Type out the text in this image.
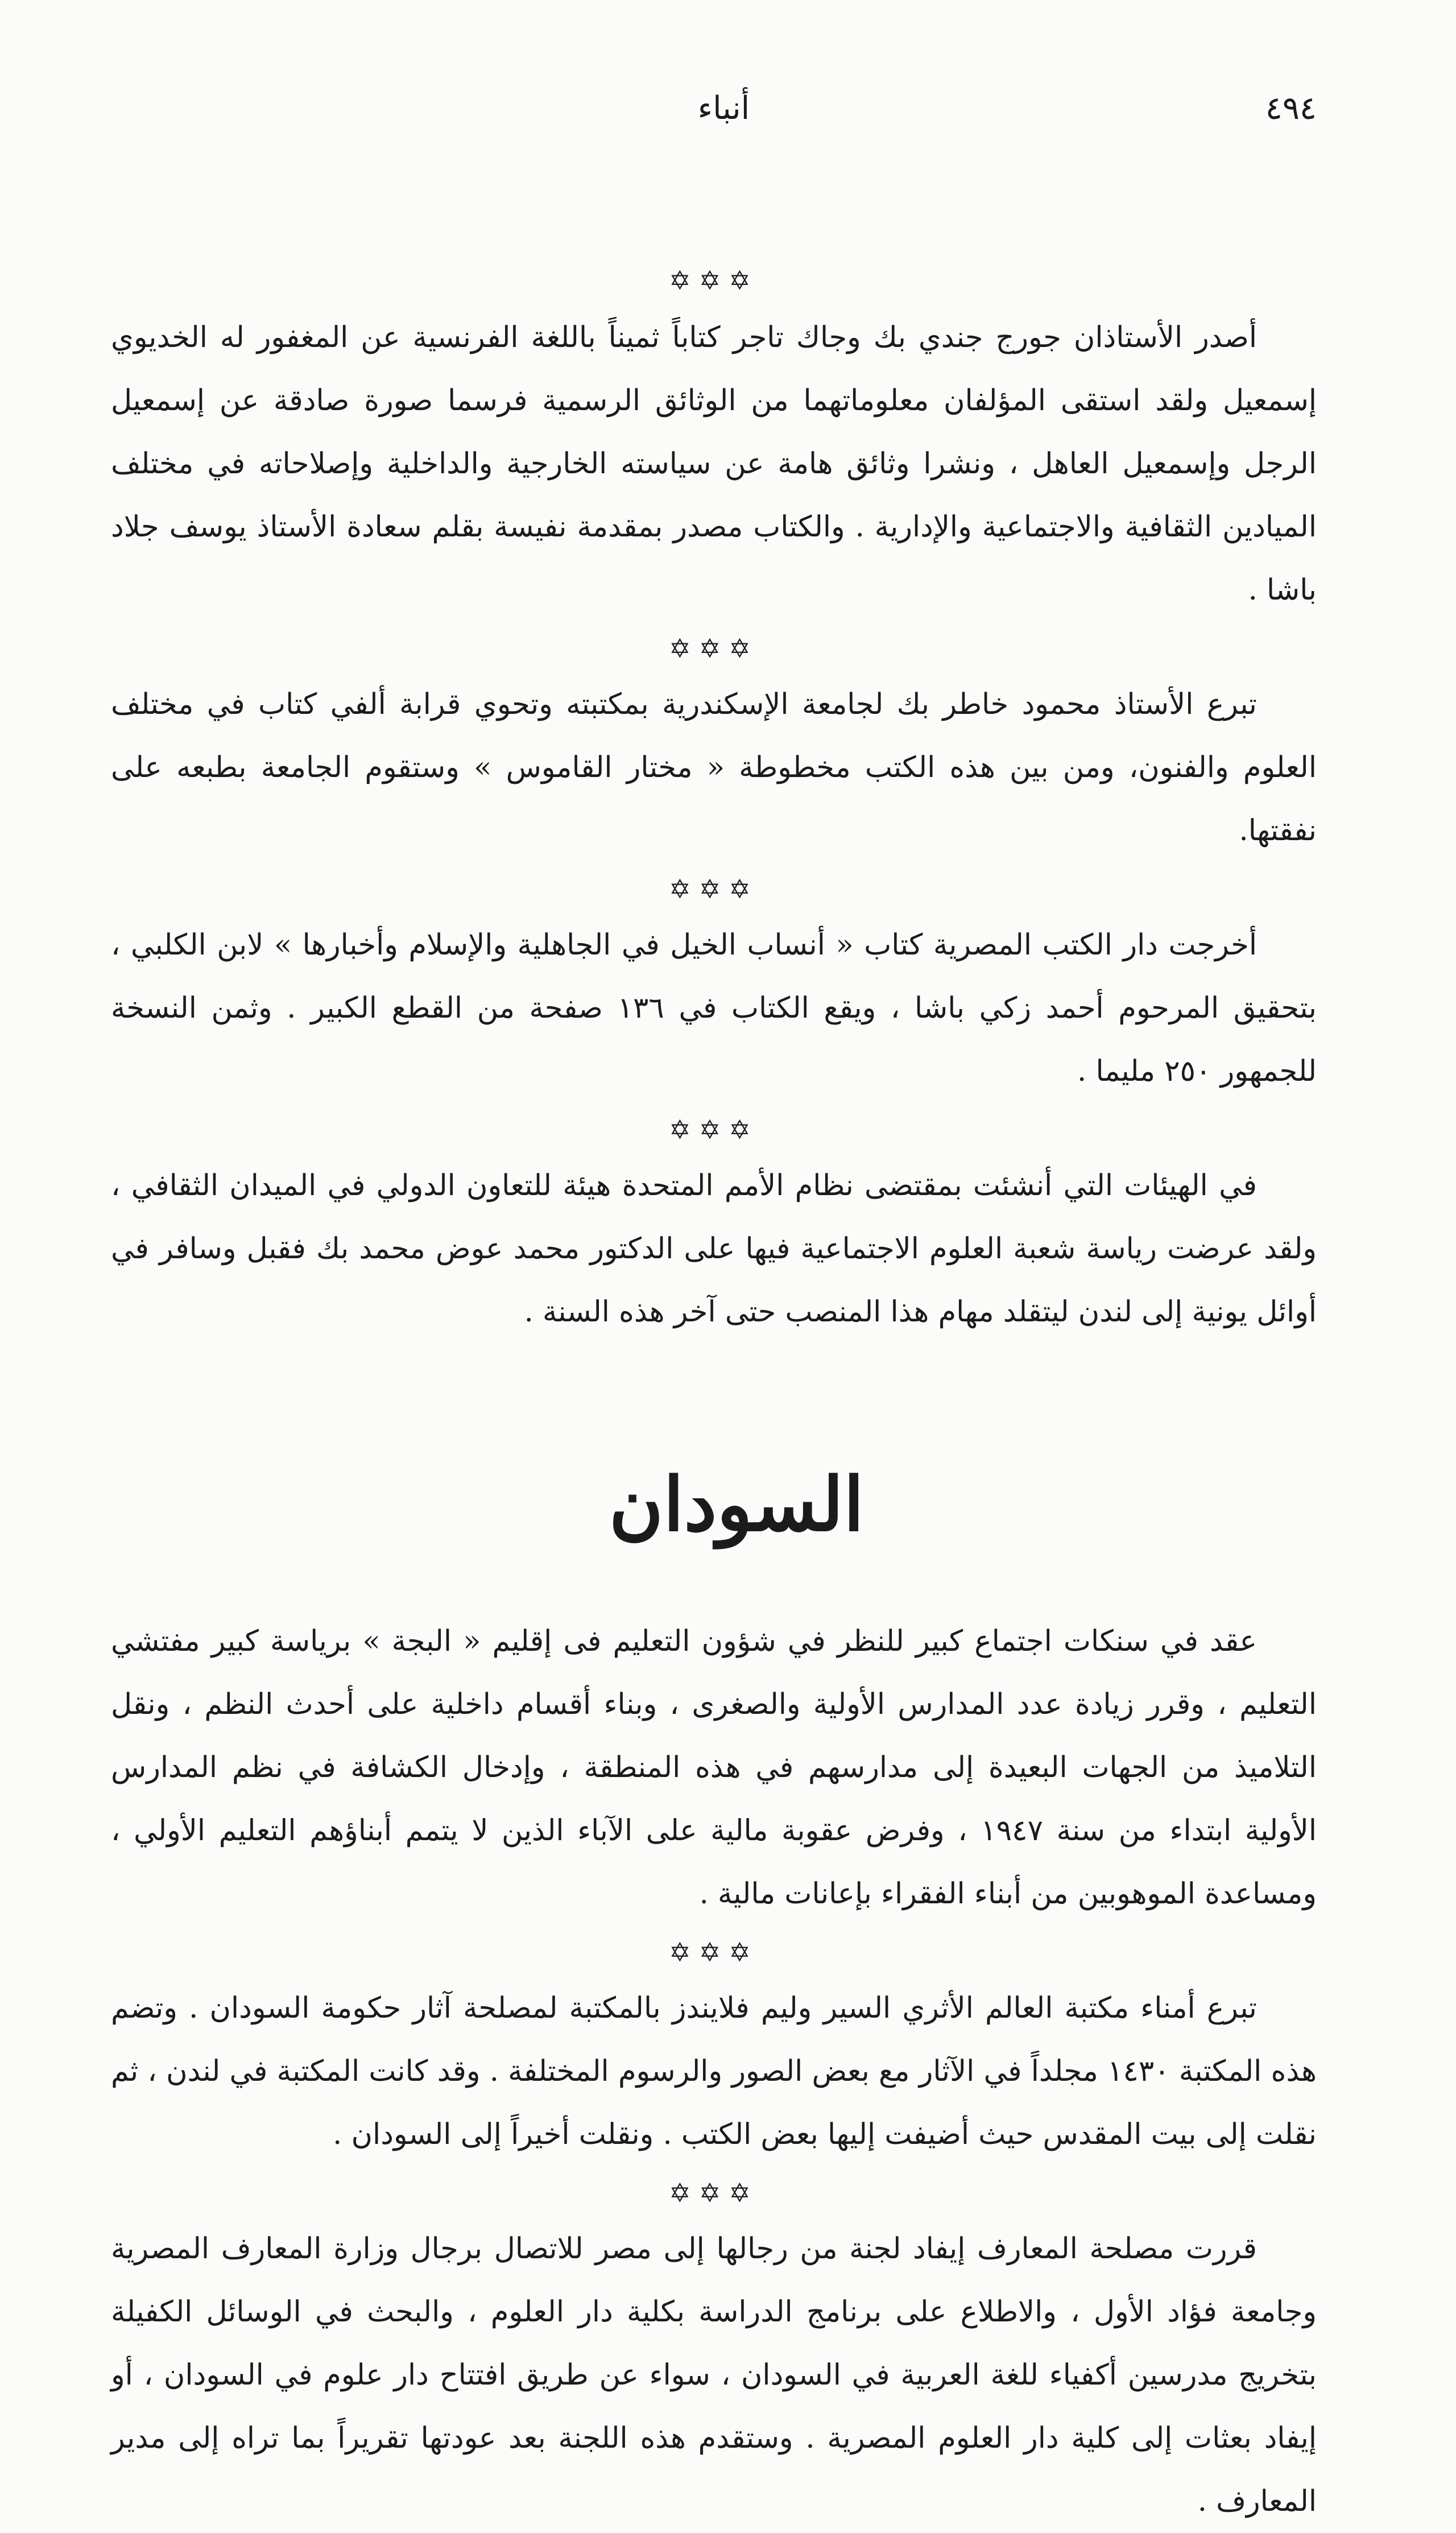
٤٩٤
أنباء
✡✡✡

أصدر الأستاذان جورج جندي بك وجاك تاجر كتاباً ثميناً باللغة الفرنسية عن المغفور له الخديوي إسمعيل ولقد استقى المؤلفان معلوماتهما من الوثائق الرسمية فرسما صورة صادقة عن إسمعيل الرجل وإسمعيل العاهل ، ونشرا وثائق هامة عن سياسته الخارجية والداخلية وإصلاحاته في مختلف الميادين الثقافية والاجتماعية والإدارية . والكتاب مصدر بمقدمة نفيسة بقلم سعادة الأستاذ يوسف جلاد باشا .

✡✡✡

تبرع الأستاذ محمود خاطر بك لجامعة الإسكندرية بمكتبته وتحوي قرابة ألفي كتاب في مختلف العلوم والفنون، ومن بين هذه الكتب مخطوطة « مختار القاموس » وستقوم الجامعة بطبعه على نفقتها.

✡✡✡

أخرجت دار الكتب المصرية كتاب « أنساب الخيل في الجاهلية والإسلام وأخبارها » لابن الكلبي ، بتحقيق المرحوم أحمد زكي باشا ، ويقع الكتاب في ١٣٦ صفحة من القطع الكبير . وثمن النسخة للجمهور ٢٥٠ مليما .

✡✡✡

في الهيئات التي أنشئت بمقتضى نظام الأمم المتحدة هيئة للتعاون الدولي في الميدان الثقافي ، ولقد عرضت رياسة شعبة العلوم الاجتماعية فيها على الدكتور محمد عوض محمد بك فقبل وسافر في أوائل يونية إلى لندن ليتقلد مهام هذا المنصب حتى آخر هذه السنة .

السودان

عقد في سنكات اجتماع كبير للنظر في شؤون التعليم فى إقليم « البجة » برياسة كبير مفتشي التعليم ، وقرر زيادة عدد المدارس الأولية والصغرى ، وبناء أقسام داخلية على أحدث النظم ، ونقل التلاميذ من الجهات البعيدة إلى مدارسهم في هذه المنطقة ، وإدخال الكشافة في نظم المدارس الأولية ابتداء من سنة ١٩٤٧ ، وفرض عقوبة مالية على الآباء الذين لا يتمم أبناؤهم التعليم الأولي ، ومساعدة الموهوبين من أبناء الفقراء بإعانات مالية .

✡✡✡

تبرع أمناء مكتبة العالم الأثري السير وليم فلايندز بالمكتبة لمصلحة آثار حكومة السودان . وتضم هذه المكتبة ١٤٣٠ مجلداً في الآثار مع بعض الصور والرسوم المختلفة . وقد كانت المكتبة في لندن ، ثم نقلت إلى بيت المقدس حيث أضيفت إليها بعض الكتب . ونقلت أخيراً إلى السودان .

✡✡✡

قررت مصلحة المعارف إيفاد لجنة من رجالها إلى مصر للاتصال برجال وزارة المعارف المصرية وجامعة فؤاد الأول ، والاطلاع على برنامج الدراسة بكلية دار العلوم ، والبحث في الوسائل الكفيلة بتخريج مدرسين أكفياء للغة العربية في السودان ، سواء عن طريق افتتاح دار علوم في السودان ، أو إيفاد بعثات إلى كلية دار العلوم المصرية . وستقدم هذه اللجنة بعد عودتها تقريراً بما تراه إلى مدير المعارف .
